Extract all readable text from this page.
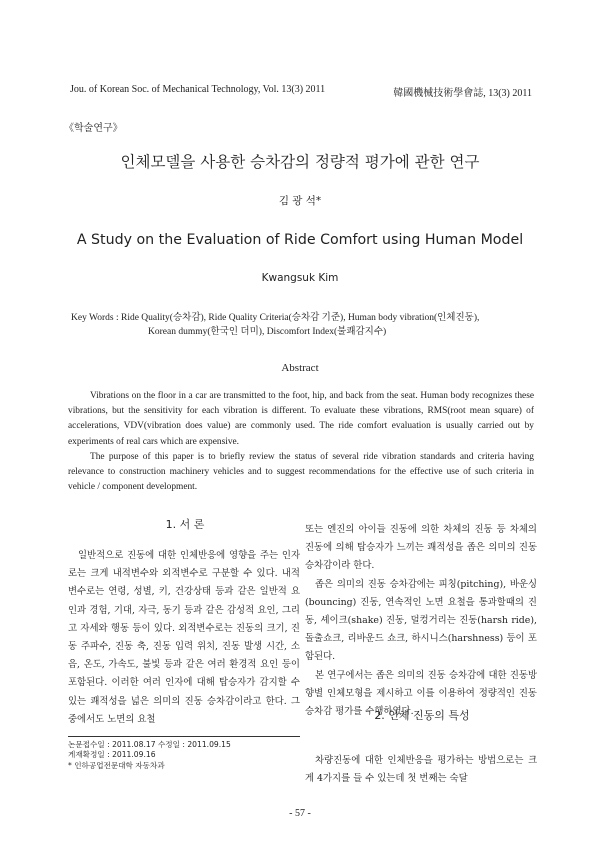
Jou. of Korean Soc. of Mechanical Technology, Vol. 13(3) 2011	韓國機械技術學會誌, 13(3) 2011
《학술연구》
인체모델을 사용한 승차감의 정량적 평가에 관한 연구
김 광 석*
A Study on the Evaluation of Ride Comfort using Human Model
Kwangsuk Kim
Key Words : Ride Quality(승차감), Ride Quality Criteria(승차감 기준), Human body vibration(인체진동),
Korean dummy(한국인 더미), Discomfort Index(불쾌감지수)
Abstract

Vibrations on the floor in a car are transmitted to the foot, hip, and back from the seat. Human body recognizes these vibrations, but the sensitivity for each vibration is different. To evaluate these vibrations, RMS(root mean square) of accelerations, VDV(vibration does value) are commonly used. The ride comfort evaluation is usually carried out by experiments of real cars which are expensive.

The purpose of this paper is to briefly review the status of several ride vibration standards and criteria having relevance to construction machinery vehicles and to suggest recommendations for the effective use of such criteria in vehicle / component development.

1. 서 론

일반적으로 진동에 대한 인체반응에 영향을 주는 인자로는 크게 내적변수와 외적변수로 구분할 수 있다. 내적변수로는 연령, 성별, 키, 건강상태 등과 같은 일반적 요인과 경험, 기대, 자극, 동기 등과 같은 감성적 요인, 그리고 자세와 행동 등이 있다. 외적변수로는 진동의 크기, 진동 주파수, 진동 축, 진동 입력 위치, 진동 발생 시간, 소음, 온도, 가속도, 불빛 등과 같은 여러 환경적 요인 등이 포함된다. 이러한 여러 인자에 대해 탑승자가 감지할 수 있는 쾌적성을 넓은 의미의 진동 승차감이라고 한다. 그중에서도 노면의 요철

논문접수일 : 2011.08.17 수정일 : 2011.09.15
게재확정일 : 2011.09.16
* 인하공업전문대학 자동차과
또는 엔진의 아이들 진동에 의한 차체의 진동 등 차체의 진동에 의해 탑승자가 느끼는 쾌적성을 좁은 의미의 진동 승차감이라 한다.

좁은 의미의 진동 승차감에는 피칭(pitching), 바운싱(bouncing) 진동, 연속적인 노면 요철을 통과할때의 진동, 셰이크(shake) 진동, 덜컹거리는 진동(harsh ride), 돌출쇼크, 리바운드 쇼크, 하시니스(harshness) 등이 포함된다.

본 연구에서는 좁은 의미의 진동 승차감에 대한 진동방향별 인체모형을 제시하고 이를 이용하여 정량적인 진동 승차감 평가를 수행하였다.

2. 인체 진동의 특성

차량진동에 대한 인체반응을 평가하는 방법으로는 크게 4가지를 들 수 있는데 첫 번째는 숙달

- 57 -
